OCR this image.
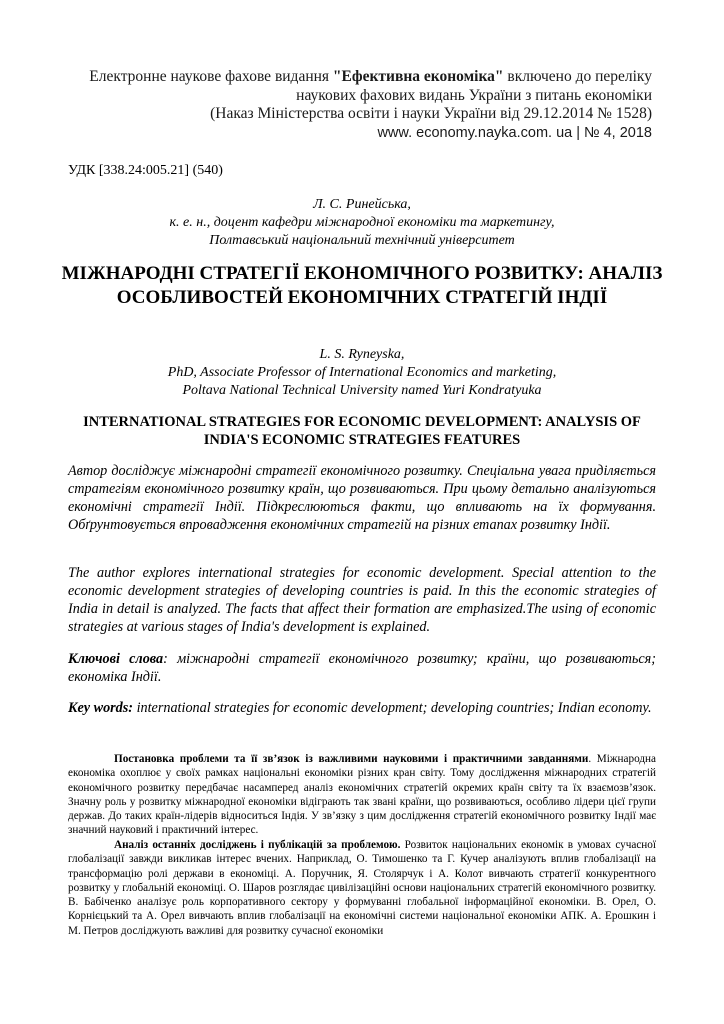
Електронне наукове фахове видання "Ефективна економіка" включено до переліку
наукових фахових видань України з питань економіки
(Наказ Міністерства освіти і науки України від 29.12.2014 № 1528)
www. economy.nayka.com. ua | № 4, 2018
УДК [338.24:005.21] (540)
Л. С. Ринейська,
к. е. н., доцент кафедри міжнародної економіки та маркетингу,
Полтавський національний технічний університет
МІЖНАРОДНІ СТРАТЕГІЇ ЕКОНОМІЧНОГО РОЗВИТКУ: АНАЛІЗ ОСОБЛИВОСТЕЙ ЕКОНОМІЧНИХ СТРАТЕГІЙ ІНДІЇ
L. S. Ryneyska,
PhD, Associate Professor of International Economics and marketing,
Poltava National Technical University named Yuri Kondratyuka
INTERNATIONAL STRATEGIES FOR ECONOMIC DEVELOPMENT: ANALYSIS OF INDIA'S ECONOMIC STRATEGIES FEATURES

Автор досліджує міжнародні стратегії економічного розвитку. Спеціальна увага приділяється стратегіям економічного розвитку країн, що розвиваються. При цьому детально аналізуються економічні стратегії Індії. Підкреслюються факти, що впливають на їх формування. Обґрунтовується впровадження економічних стратегій на різних етапах розвитку Індії.

The author explores international strategies for economic development. Special attention to the economic development strategies of developing countries is paid. In this the economic strategies of India in detail is analyzed. The facts that affect their formation are emphasized.The using of economic strategies at various stages of India's development is explained.

Ключові слова: міжнародні стратегії економічного розвитку; країни, що розвиваються; економіка Індії.

Key words: international strategies for economic development; developing countries; Indian economy.

Постановка проблеми та її зв’язок із важливими науковими і практичними завданнями. Міжнародна економіка охоплює у своїх рамках національні економіки різних кран світу. Тому дослідження міжнародних стратегій економічного розвитку передбачає насамперед аналіз економічних стратегій окремих країн світу та їх взаємозв’язок. Значну роль у розвитку міжнародної економіки відіграють так звані країни, що розвиваються, особливо лідери цієї групи держав. До таких країн-лідерів відноситься Індія. У зв’язку з цим дослідження стратегій економічного розвитку Індії має значний науковий і практичний інтерес.

Аналіз останніх досліджень і публікацій за проблемою. Розвиток національних економік в умовах сучасної глобалізації завжди викликав інтерес вчених. Наприклад, О. Тимошенко та Г. Кучер аналізують вплив глобалізації на трансформацію ролі держави в економіці. А. Поручник, Я. Столярчук і А. Колот вивчають стратегії конкурентного розвитку у глобальній економіці. О. Шаров розглядає цивілізаційні основи національних стратегій економічного розвитку. В. Бабіченко аналізує роль корпоративного сектору у формуванні глобальної інформаційної економіки. В. Орел, О. Корнієцький та А. Орел вивчають вплив глобалізації на економічні системи національної економіки АПК. А. Ерошкин і М. Петров досліджують важливі для розвитку сучасної економіки
